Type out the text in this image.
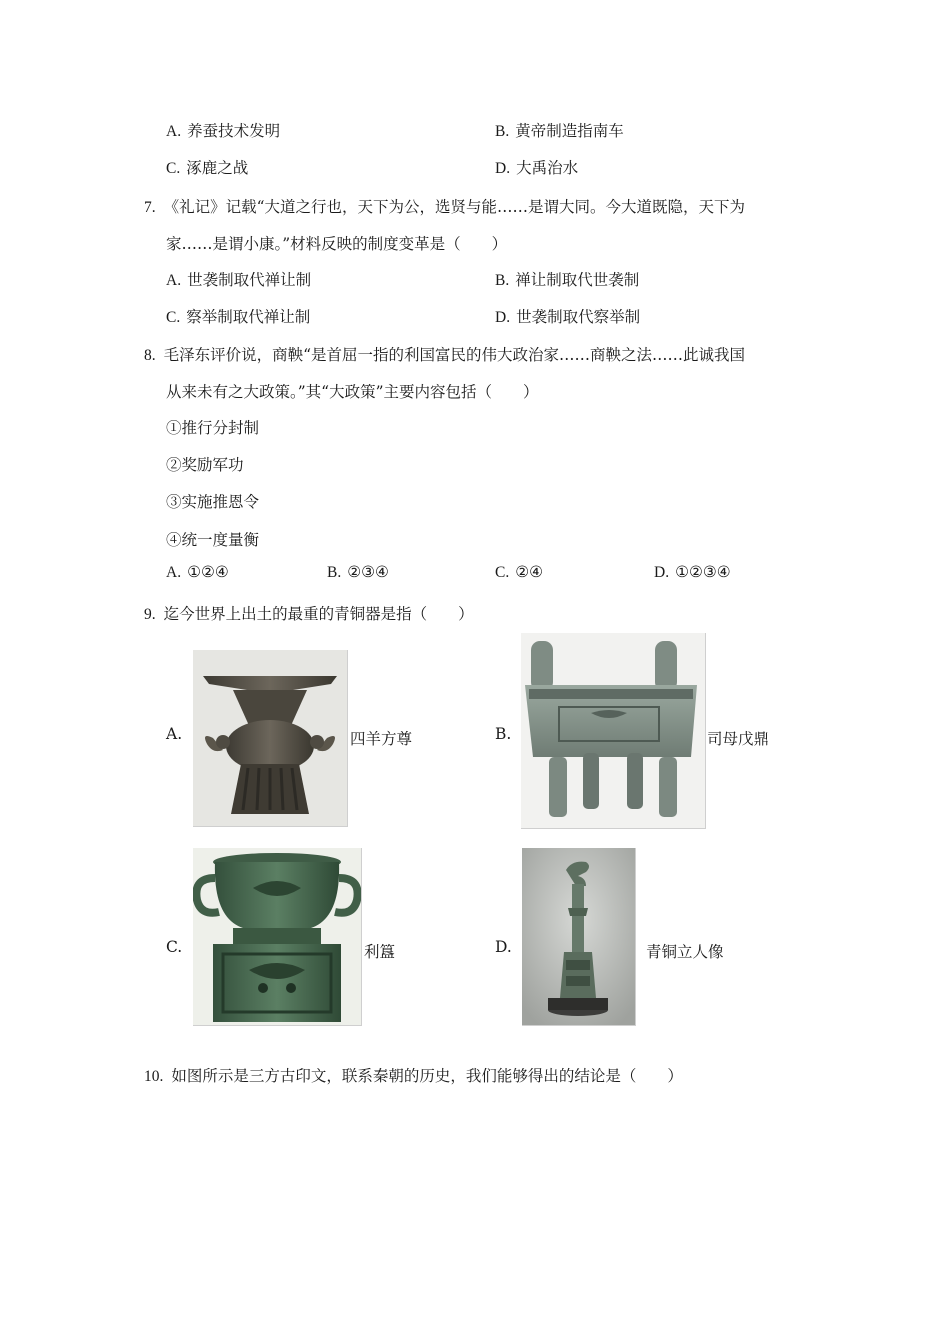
A. 养蚕技术发明	B. 黄帝制造指南车
C. 涿鹿之战	D. 大禹治水
7. 《礼记》记载“大道之行也，天下为公，选贤与能……是谓大同。今大道既隐，天下为
家……是谓小康。”材料反映的制度变革是（　　）
A. 世袭制取代禅让制	B. 禅让制取代世袭制
C. 察举制取代禅让制	D. 世袭制取代察举制
8. 毛泽东评价说，商鞅“是首屈一指的利国富民的伟大政治家……商鞅之法……此诚我国
从来未有之大政策。”其“大政策”主要内容包括（　　）
①推行分封制
②奖励军功
③实施推恩令
④统一度量衡
A. ①②④	B. ②③④	C. ②④	D. ①②③④
9. 迄今世界上出土的最重的青铜器是指（　　）
A.	四羊方尊	B.	司母戊鼎
C.	利簋	D.	青铜立人像
10. 如图所示是三方古印文，联系秦朝的历史，我们能够得出的结论是（　　）
